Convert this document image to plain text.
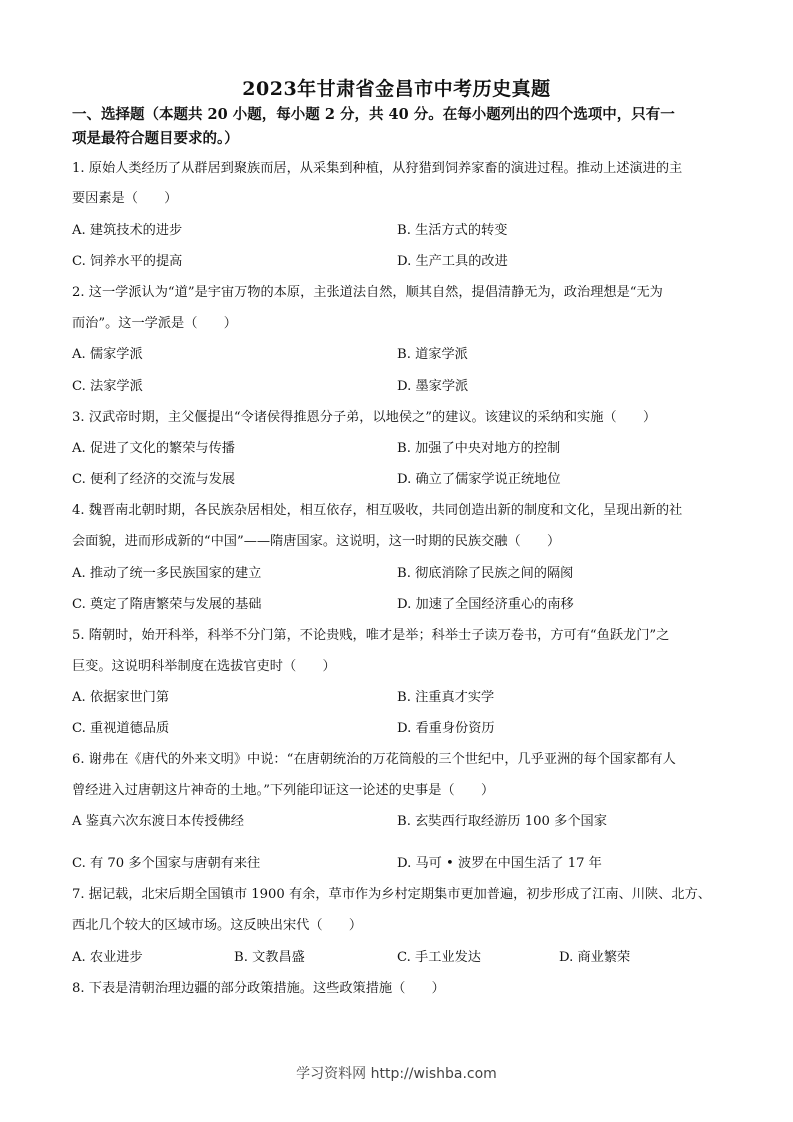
2023年甘肃省金昌市中考历史真题
一、选择题（本题共 20 小题，每小题 2 分，共 40 分。在每小题列出的四个选项中，只有一
项是最符合题目要求的。）
1. 原始人类经历了从群居到聚族而居，从采集到种植，从狩猎到饲养家畜的演进过程。推动上述演进的主
要因素是（　　）
A. 建筑技术的进步	B. 生活方式的转变
C. 饲养水平的提高	D. 生产工具的改进
2. 这一学派认为“道”是宇宙万物的本原，主张道法自然，顺其自然，提倡清静无为，政治理想是“无为
而治”。这一学派是（　　）
A. 儒家学派	B. 道家学派
C. 法家学派	D. 墨家学派
3. 汉武帝时期，主父偃提出“令诸侯得推恩分子弟，以地侯之”的建议。该建议的采纳和实施（　　）
A. 促进了文化的繁荣与传播	B. 加强了中央对地方的控制
C. 便利了经济的交流与发展	D. 确立了儒家学说正统地位
4. 魏晋南北朝时期，各民族杂居相处，相互依存，相互吸收，共同创造出新的制度和文化，呈现出新的社
会面貌，进而形成新的“中国”——隋唐国家。这说明，这一时期的民族交融（　　）
A. 推动了统一多民族国家的建立	B. 彻底消除了民族之间的隔阂
C. 奠定了隋唐繁荣与发展的基础	D. 加速了全国经济重心的南移
5. 隋朝时，始开科举，科举不分门第，不论贵贱，唯才是举；科举士子读万卷书，方可有“鱼跃龙门”之
巨变。这说明科举制度在选拔官吏时（　　）
A. 依据家世门第	B. 注重真才实学
C. 重视道德品质	D. 看重身份资历
6. 谢弗在《唐代的外来文明》中说：“在唐朝统治的万花筒般的三个世纪中，几乎亚洲的每个国家都有人
曾经进入过唐朝这片神奇的土地。”下列能印证这一论述的史事是（　　）
A 鉴真六次东渡日本传授佛经	B. 玄奘西行取经游历 100 多个国家
C. 有 70 多个国家与唐朝有来往	D. 马可 • 波罗在中国生活了 17 年
7. 据记载，北宋后期全国镇市 1900 有余，草市作为乡村定期集市更加普遍，初步形成了江南、川陕、北方、
西北几个较大的区域市场。这反映出宋代（　　）
A. 农业进步	B. 文教昌盛	C. 手工业发达	D. 商业繁荣
8. 下表是清朝治理边疆的部分政策措施。这些政策措施（　　）
学习资料网 http://wishba.com
